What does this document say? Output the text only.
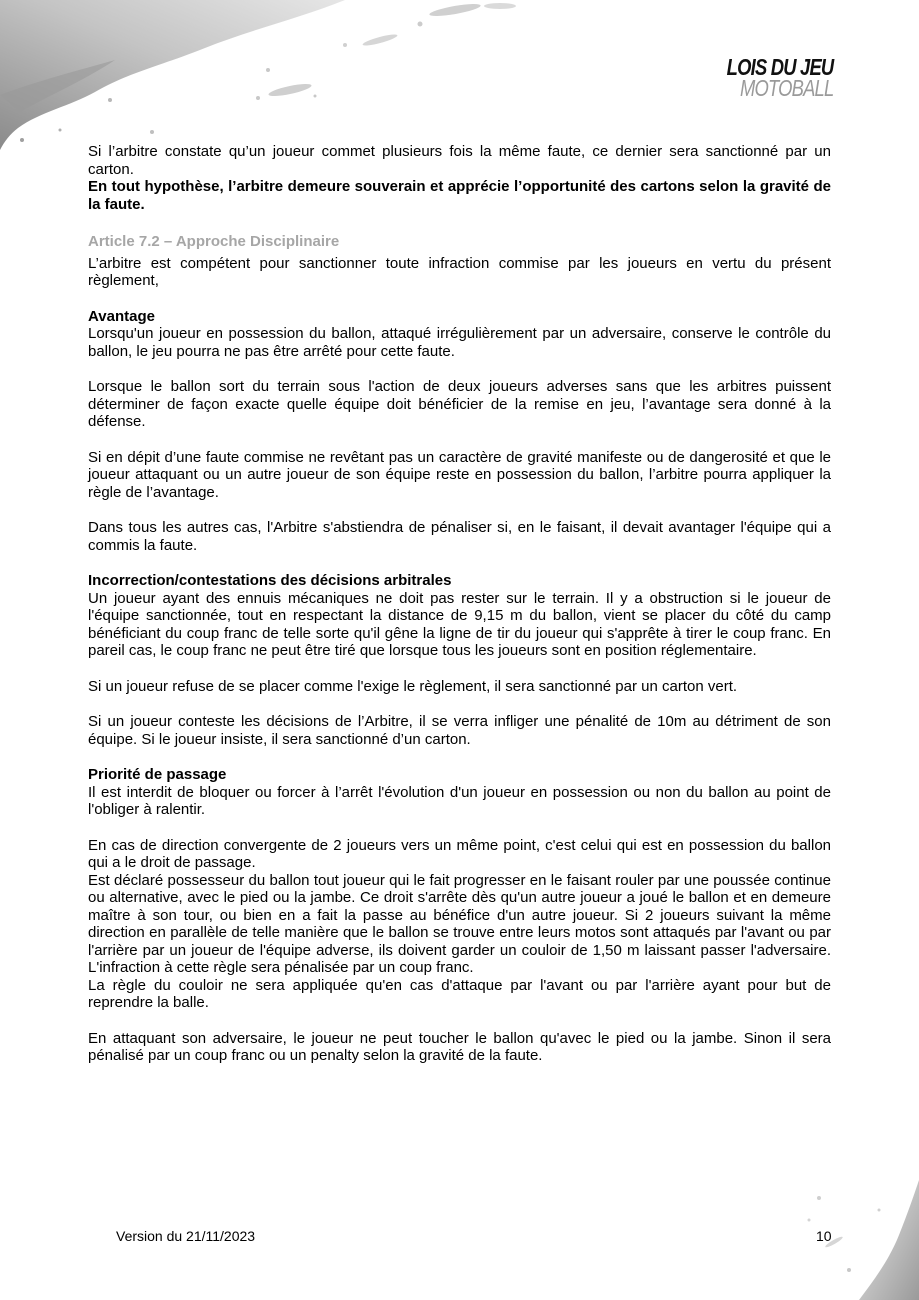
LOIS DU JEU
MOTOBALL

Si l’arbitre constate qu’un joueur commet plusieurs fois la même faute, ce dernier sera sanctionné par un carton.

En tout hypothèse, l’arbitre demeure souverain et apprécie l’opportunité des cartons selon la gravité de la faute.

Article 7.2 – Approche Disciplinaire

L’arbitre est compétent pour sanctionner toute infraction commise par les joueurs en vertu du présent règlement,

Avantage

Lorsqu'un joueur en possession du ballon, attaqué irrégulièrement par un adversaire, conserve le contrôle du ballon, le jeu pourra ne pas être arrêté pour cette faute.

Lorsque le ballon sort du terrain sous l'action de deux joueurs adverses sans que les arbitres puissent déterminer de façon exacte quelle équipe doit bénéficier de la remise en jeu, l’avantage sera donné à la défense.

Si en dépit d’une faute commise ne revêtant pas un caractère de gravité manifeste ou de dangerosité et que le joueur attaquant ou un autre joueur de son équipe reste en possession du ballon, l’arbitre pourra appliquer la règle de l’avantage.

Dans tous les autres cas, l'Arbitre s'abstiendra de pénaliser si, en le faisant, il devait avantager l'équipe qui a commis la faute.

Incorrection/contestations des décisions arbitrales

Un joueur ayant des ennuis mécaniques ne doit pas rester sur le terrain. Il y a obstruction si le joueur de l'équipe sanctionnée, tout en respectant la distance de 9,15 m du ballon, vient se placer du côté du camp bénéficiant du coup franc de telle sorte qu'il gêne la ligne de tir du joueur qui s'apprête à tirer le coup franc. En pareil cas, le coup franc ne peut être tiré que lorsque tous les joueurs sont en position réglementaire.

Si un joueur refuse de se placer comme l'exige le règlement, il sera sanctionné par un carton vert.

Si un joueur conteste les décisions de l’Arbitre, il se verra infliger une pénalité de 10m au détriment de son équipe. Si le joueur insiste, il sera sanctionné d’un carton.

Priorité de passage

Il est interdit de bloquer ou forcer à l’arrêt l'évolution d'un joueur en possession ou non du ballon au point de l'obliger à ralentir.

En cas de direction convergente de 2 joueurs vers un même point, c'est celui qui est en possession du ballon qui a le droit de passage.

Est déclaré possesseur du ballon tout joueur qui le fait progresser en le faisant rouler par une poussée continue ou alternative, avec le pied ou la jambe. Ce droit s'arrête dès qu'un autre joueur a joué le ballon et en demeure maître à son tour, ou bien en a fait la passe au bénéfice d'un autre joueur. Si 2 joueurs suivant la même direction en parallèle de telle manière que le ballon se trouve entre leurs motos sont attaqués par l'avant ou par l'arrière par un joueur de l'équipe adverse, ils doivent garder un couloir de 1,50 m laissant passer l'adversaire. L'infraction à cette règle sera pénalisée par un coup franc.

La règle du couloir ne sera appliquée qu'en cas d'attaque par l'avant ou par l'arrière ayant pour but de reprendre la balle.

En attaquant son adversaire, le joueur ne peut toucher le ballon qu'avec le pied ou la jambe. Sinon il sera pénalisé par un coup franc ou un penalty selon la gravité de la faute.

Version du 21/11/2023	10
